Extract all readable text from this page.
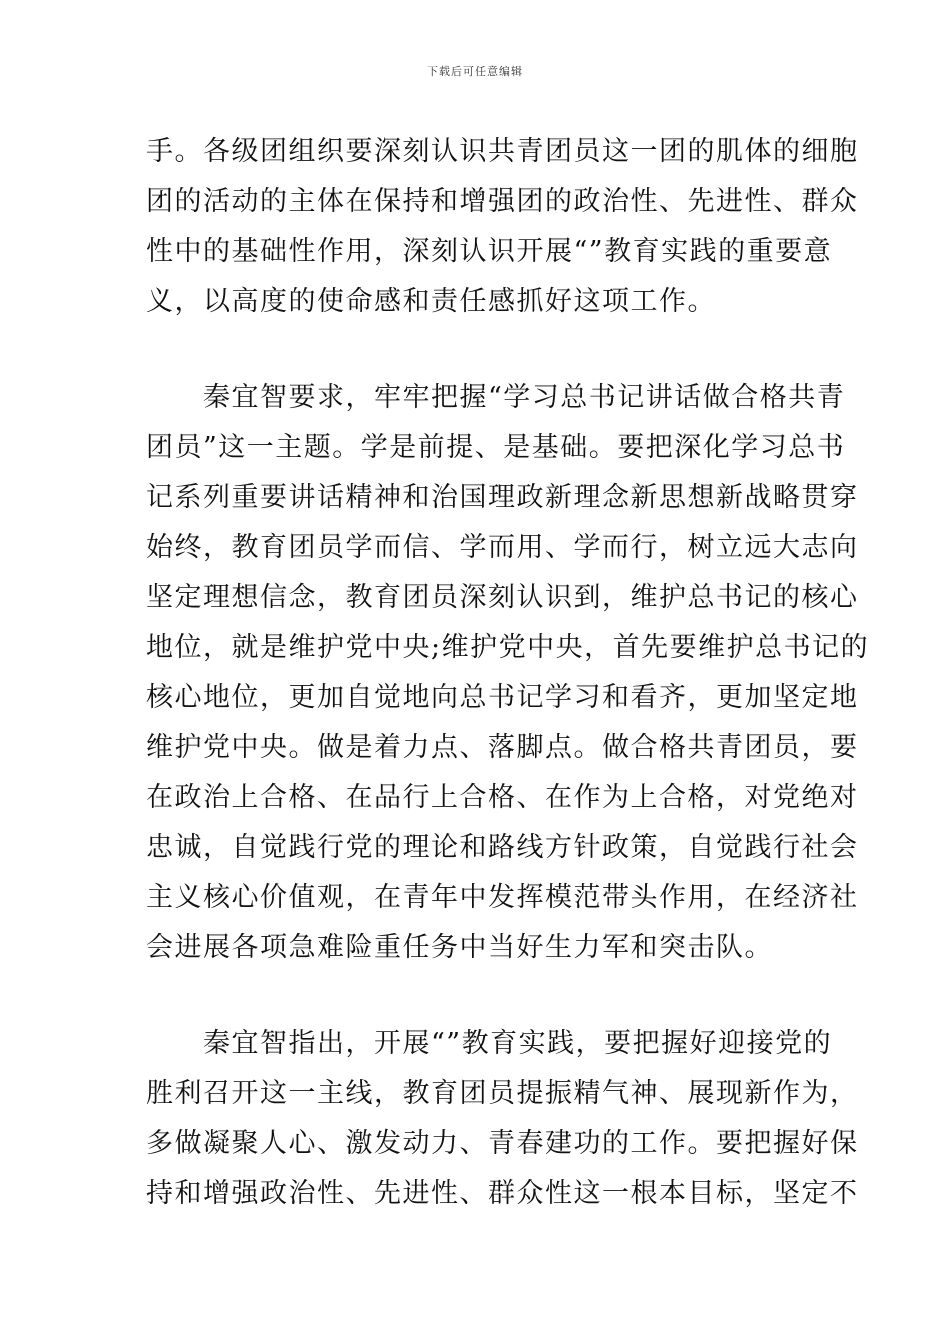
下载后可任意编辑
手。各级团组织要深刻认识共青团员这一团的肌体的细胞
团的活动的主体在保持和增强团的政治性、先进性、群众
性中的基础性作用，深刻认识开展“”教育实践的重要意
义，以高度的使命感和责任感抓好这项工作。
　　秦宜智要求，牢牢把握“学习总书记讲话做合格共青
团员”这一主题。学是前提、是基础。要把深化学习总书
记系列重要讲话精神和治国理政新理念新思想新战略贯穿
始终，教育团员学而信、学而用、学而行，树立远大志向
坚定理想信念，教育团员深刻认识到，维护总书记的核心
地位，就是维护党中央;维护党中央，首先要维护总书记的
核心地位，更加自觉地向总书记学习和看齐，更加坚定地
维护党中央。做是着力点、落脚点。做合格共青团员，要
在政治上合格、在品行上合格、在作为上合格，对党绝对
忠诚，自觉践行党的理论和路线方针政策，自觉践行社会
主义核心价值观，在青年中发挥模范带头作用，在经济社
会进展各项急难险重任务中当好生力军和突击队。
　　秦宜智指出，开展“”教育实践，要把握好迎接党的
胜利召开这一主线，教育团员提振精气神、展现新作为，
多做凝聚人心、激发动力、青春建功的工作。要把握好保
持和增强政治性、先进性、群众性这一根本目标，坚定不
